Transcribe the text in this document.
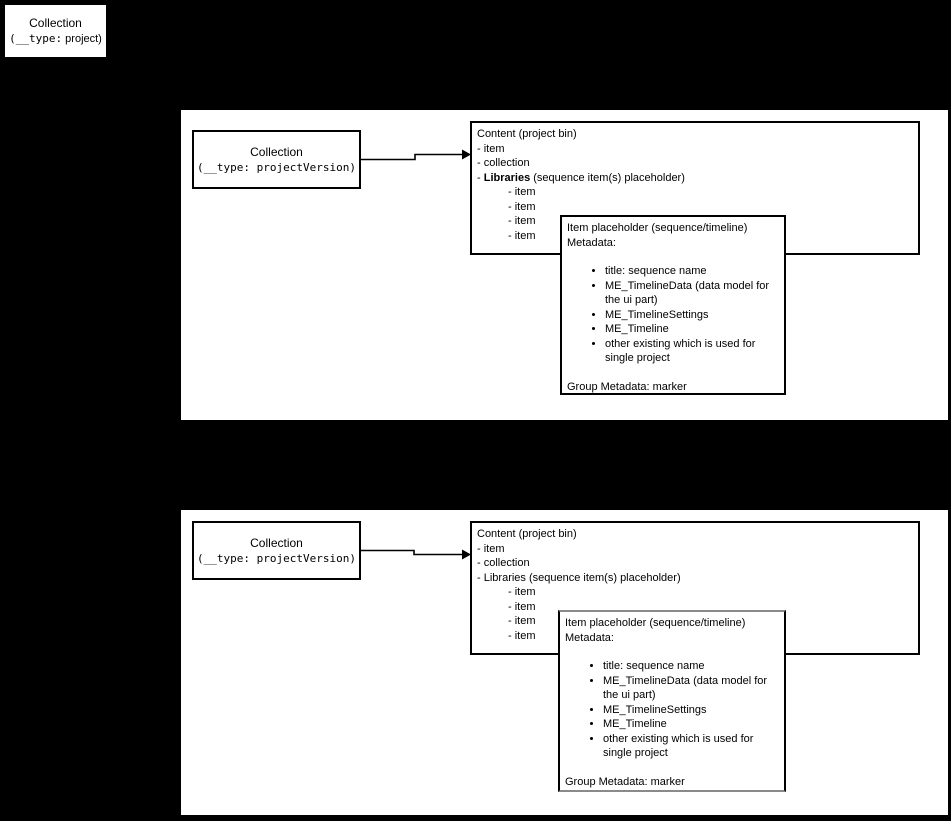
Collection
(__type: project)
Collection
(__type: projectVersion)
Content (project bin)
- item
- collection
- Libraries (sequence item(s) placeholder)
- item
- item
- item
- item
Item placeholder (sequence/timeline)
Metadata:
• title: sequence name
• ME_TimelineData (data model for the ui part)
• ME_TimelineSettings
• ME_Timeline
• other existing which is used for single project
Group Metadata: marker
Collection
(__type: projectVersion)
Content (project bin)
- item
- collection
- Libraries (sequence item(s) placeholder)
- item
- item
- item
- item
Item placeholder (sequence/timeline)
Metadata:
• title: sequence name
• ME_TimelineData (data model for the ui part)
• ME_TimelineSettings
• ME_Timeline
• other existing which is used for single project
Group Metadata: marker
